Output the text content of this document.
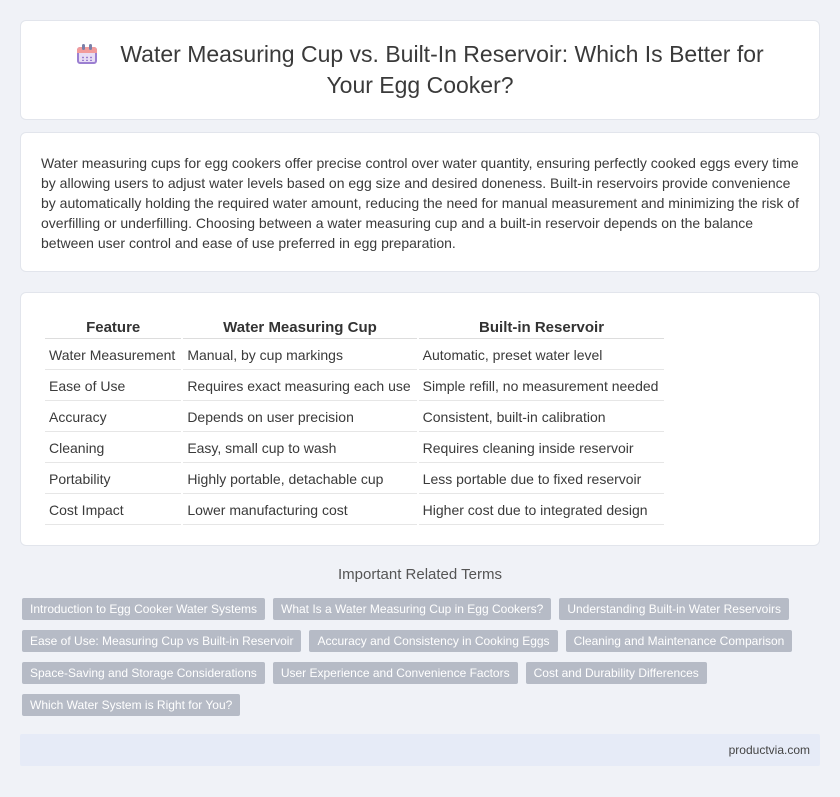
Water Measuring Cup vs. Built-In Reservoir: Which Is Better for Your Egg Cooker?

Water measuring cups for egg cookers offer precise control over water quantity, ensuring perfectly cooked eggs every time by allowing users to adjust water levels based on egg size and desired doneness. Built-in reservoirs provide convenience by automatically holding the required water amount, reducing the need for manual measurement and minimizing the risk of overfilling or underfilling. Choosing between a water measuring cup and a built-in reservoir depends on the balance between user control and ease of use preferred in egg preparation.

Feature	Water Measuring Cup	Built-in Reservoir
Water Measurement	Manual, by cup markings	Automatic, preset water level
Ease of Use	Requires exact measuring each use	Simple refill, no measurement needed
Accuracy	Depends on user precision	Consistent, built-in calibration
Cleaning	Easy, small cup to wash	Requires cleaning inside reservoir
Portability	Highly portable, detachable cup	Less portable due to fixed reservoir
Cost Impact	Lower manufacturing cost	Higher cost due to integrated design
Important Related Terms
Introduction to Egg Cooker Water Systems	What Is a Water Measuring Cup in Egg Cookers?	Understanding Built-in Water Reservoirs
Ease of Use: Measuring Cup vs Built-in Reservoir	Accuracy and Consistency in Cooking Eggs	Cleaning and Maintenance Comparison
Space-Saving and Storage Considerations	User Experience and Convenience Factors	Cost and Durability Differences
Which Water System is Right for You?
productvia.com
